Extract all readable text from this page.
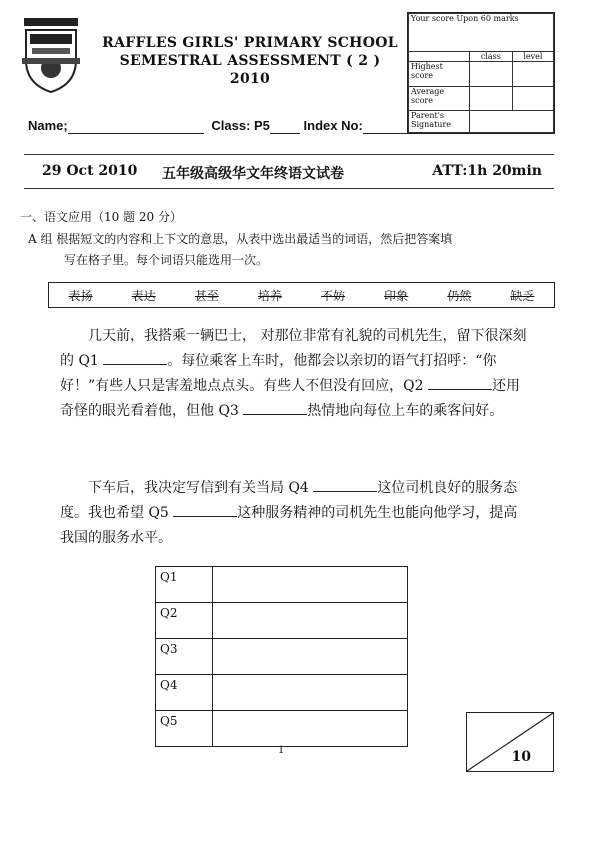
RAFFLES GIRLS' PRIMARY SCHOOL
SEMESTRAL ASSESSMENT ( 2 )
2010
Your score Upon 60 marks		
	class	level
Highest score		
Average score		
Parent's Signature		
Name;	Class: P5	Index No:
29 Oct 2010 五年级高级华文年终语文试卷	ATT:1h 20min
一、语文应用（10 题 20 分）
A 组 根据短文的内容和上下文的意思，从表中选出最适当的词语，然后把答案填
写在格子里。每个词语只能选用一次。
表扬	表达	甚至	培养	不妨	印象	仍然	缺乏
几天前，我搭乘一辆巴士， 对那位非常有礼貌的司机先生，留下很深刻的 Q1	。每位乘客上车时，他都会以亲切的语气打招呼：“你好！”有些人只是害羞地点点头。有些人不但没有回应，Q2	还用奇怪的眼光看着他，但他 Q3	热情地向每位上车的乘客问好。
下车后，我决定写信到有关当局 Q4	这位司机良好的服务态度。我也希望 Q5	这种服务精神的司机先生也能向他学习，提高我国的服务水平。
Q1	
Q2	
Q3	
Q4	
Q5	
1	10
